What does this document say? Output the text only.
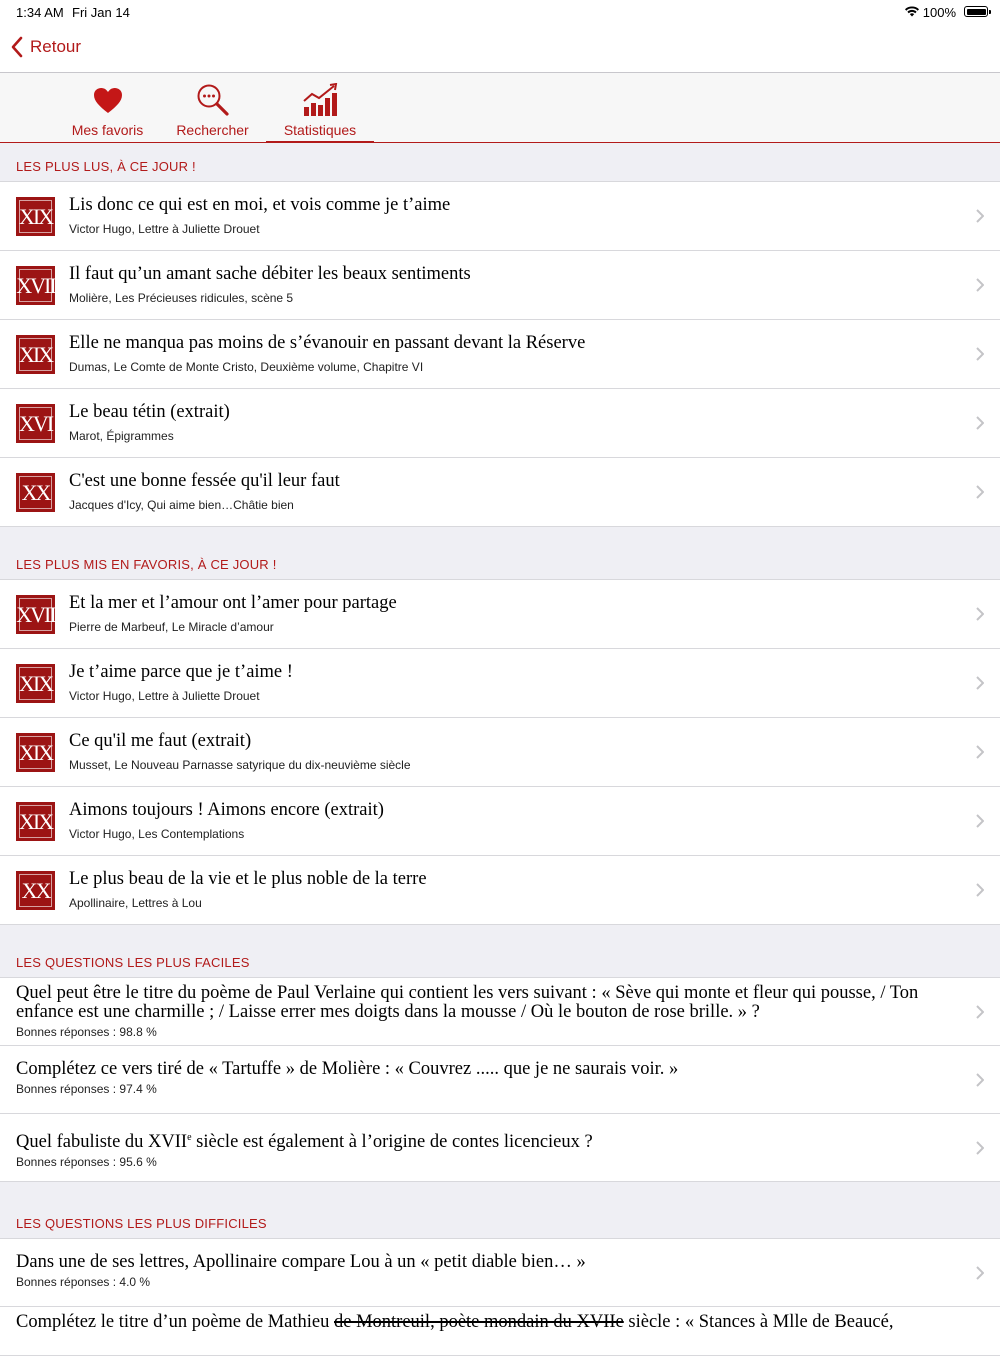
1:34 AM Fri Jan 14	100%
Retour
Mes favoris Rechercher	Statistiques
LES PLUS LUS, À CE JOUR !
XIX Lis donc ce qui est en moi, et vois comme je t’aime
Victor Hugo, Lettre à Juliette Drouet
XVII Il faut qu’un amant sache débiter les beaux sentiments
Molière, Les Précieuses ridicules, scène 5
XIX Elle ne manqua pas moins de s’évanouir en passant devant la Réserve
Dumas, Le Comte de Monte Cristo, Deuxième volume, Chapitre VI
XVI Le beau tétin (extrait)
Marot, Épigrammes
XX	C'est une bonne fessée qu'il leur faut
Jacques d'Icy, Qui aime bien…Châtie bien
LES PLUS MIS EN FAVORIS, À CE JOUR !
XVII Et la mer et l’amour ont l’amer pour partage
Pierre de Marbeuf, Le Miracle d’amour
XIX Je t’aime parce que je t’aime !
Victor Hugo, Lettre à Juliette Drouet
XIX Ce qu'il me faut (extrait)
Musset, Le Nouveau Parnasse satyrique du dix-neuvième siècle
XIX Aimons toujours ! Aimons encore (extrait)
Victor Hugo, Les Contemplations
XX	Le plus beau de la vie et le plus noble de la terre
Apollinaire, Lettres à Lou
LES QUESTIONS LES PLUS FACILES
Quel peut être le titre du poème de Paul Verlaine qui contient les vers suivant : « Sève qui monte et fleur qui pousse, / Ton enfance est une charmille ; / Laisse errer mes doigts dans la mousse / Où le bouton de rose brille. » ?
Bonnes réponses : 98.8 %
Complétez ce vers tiré de « Tartuffe » de Molière : « Couvrez ..... que je ne saurais voir. »
Bonnes réponses : 97.4 %
Quel fabuliste du XVIIe siècle est également à l’origine de contes licencieux ?
Bonnes réponses : 95.6 %
LES QUESTIONS LES PLUS DIFFICILES
Dans une de ses lettres, Apollinaire compare Lou à un « petit diable bien… »
Bonnes réponses : 4.0 %
Complétez le titre d’un poème de Mathieu de Montreuil, poète mondain du XVIIe siècle : « Stances à Mlle de Beaucé,
